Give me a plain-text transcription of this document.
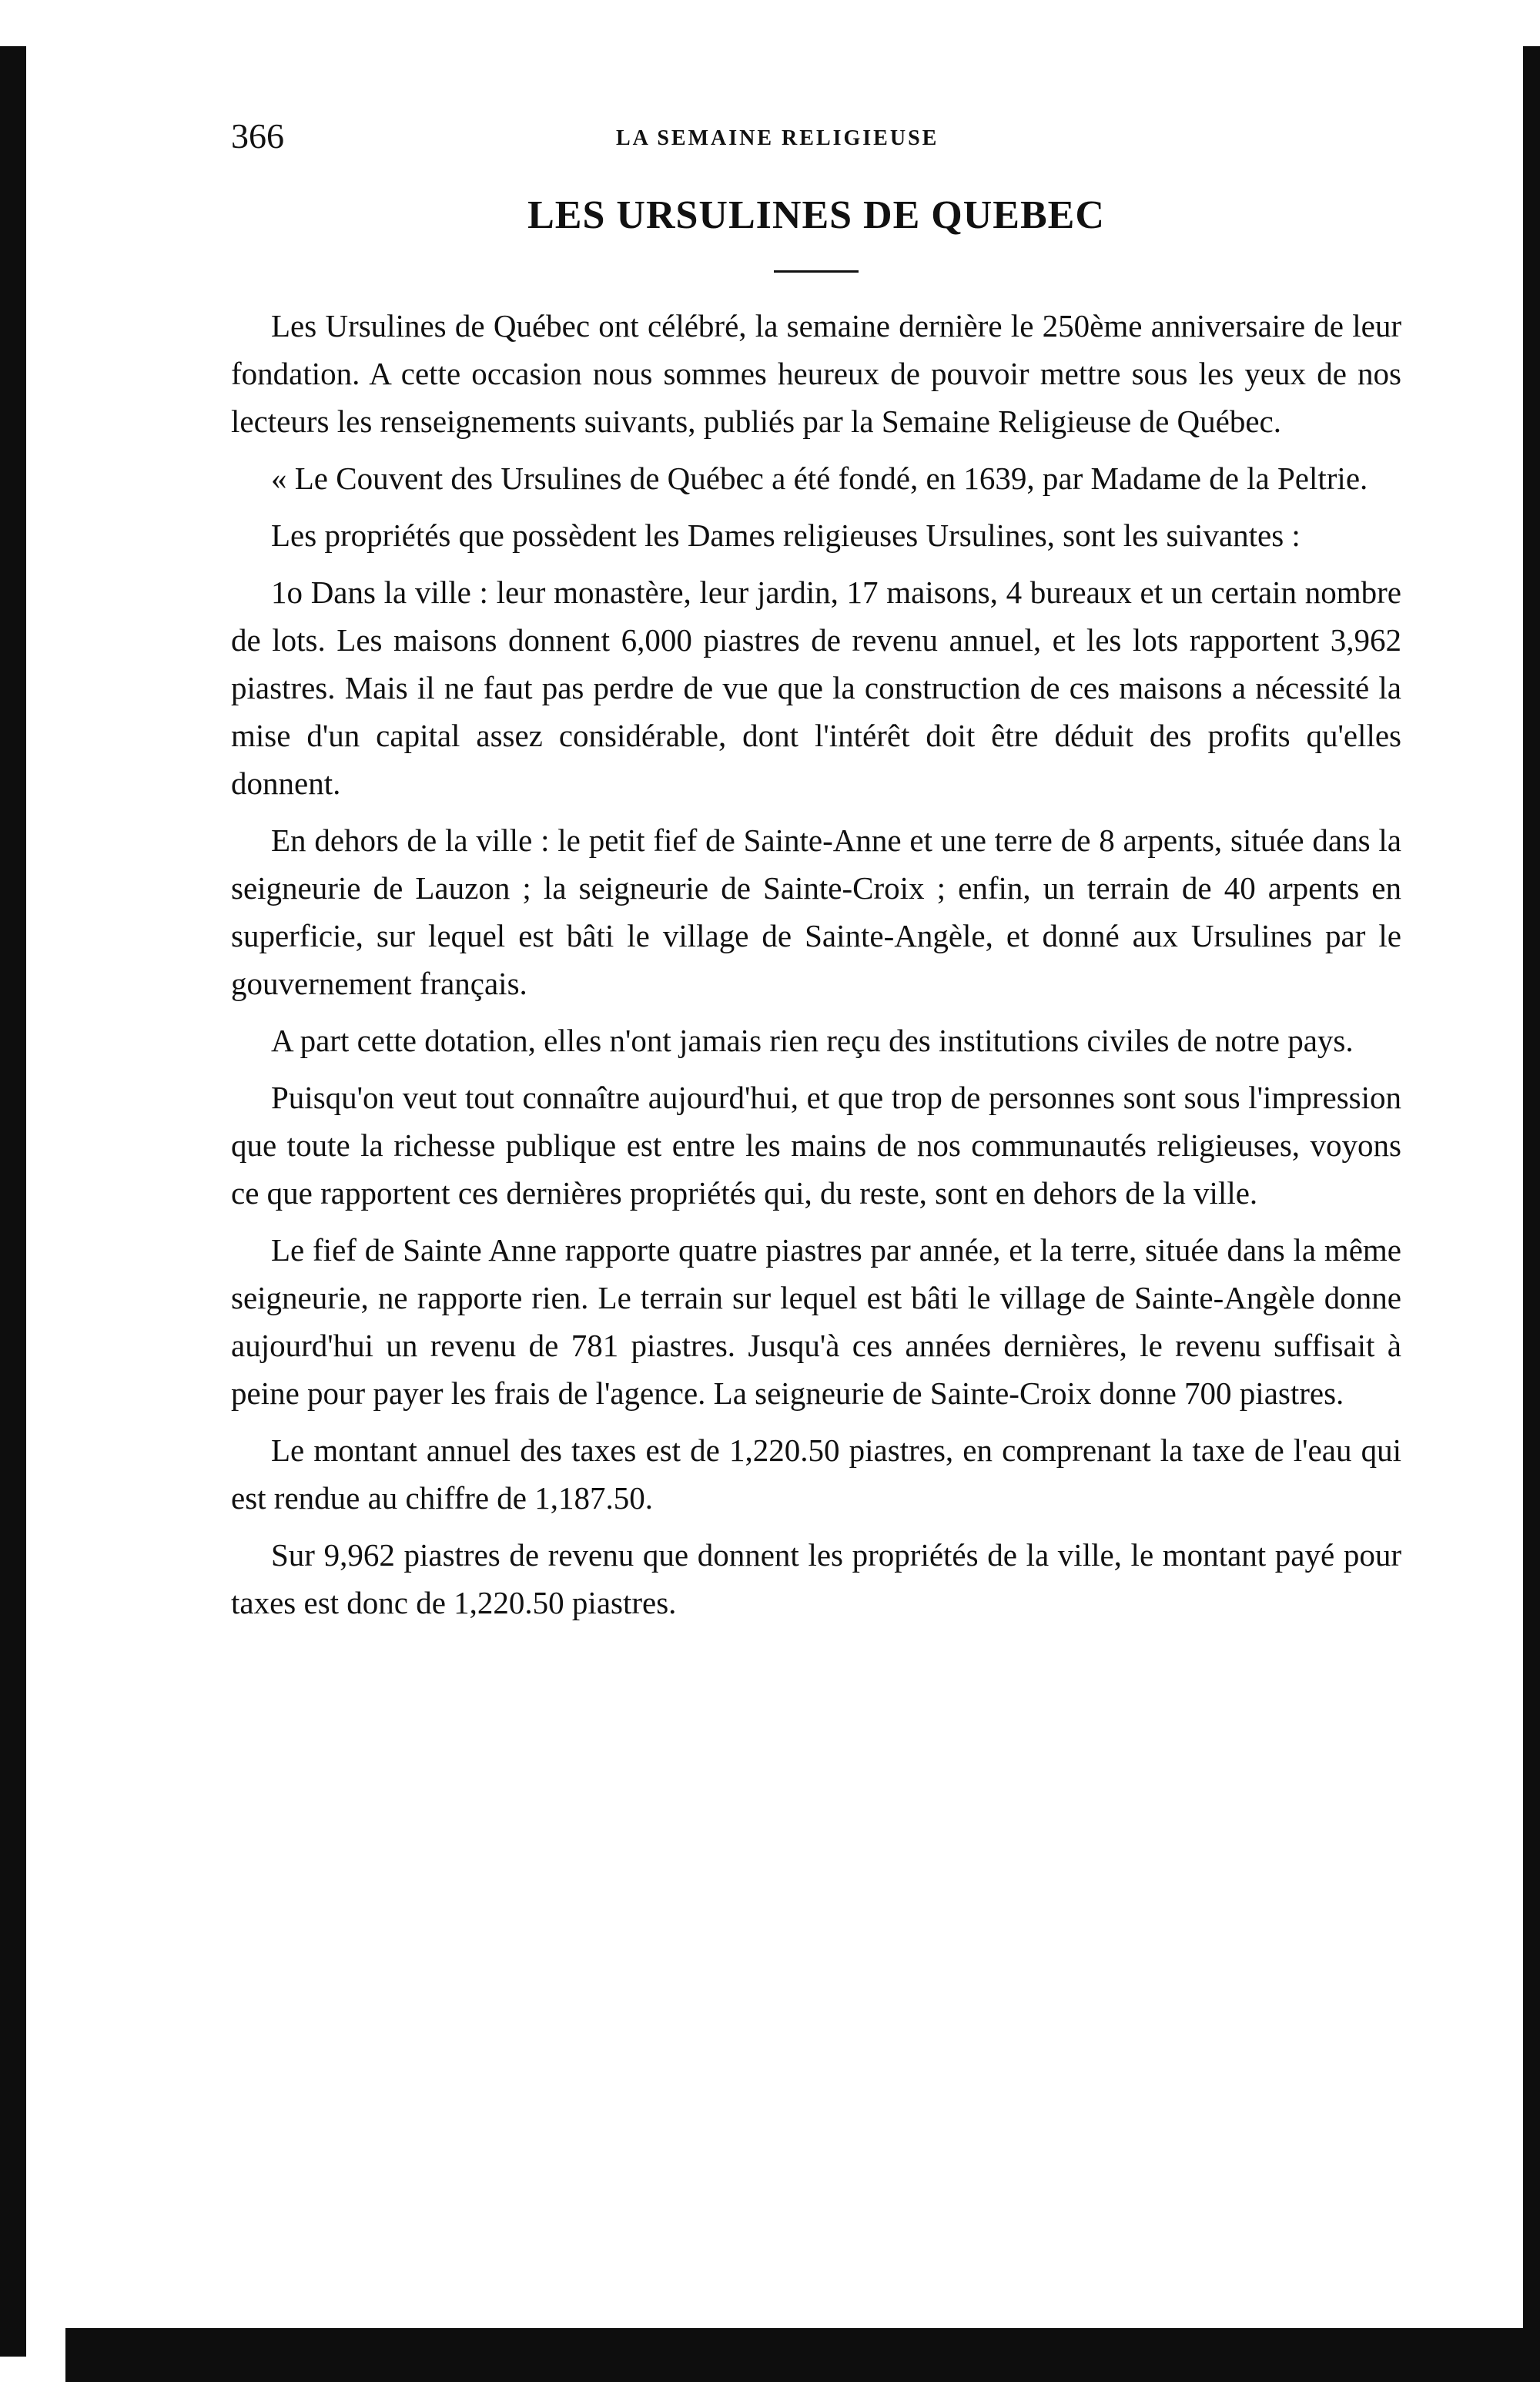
366	LA SEMAINE RELIGIEUSE
LES URSULINES DE QUEBEC

Les Ursulines de Québec ont célébré, la semaine dernière le 250ème anniversaire de leur fondation. A cette occasion nous sommes heureux de pouvoir mettre sous les yeux de nos lecteurs les renseignements suivants, publiés par la Semaine Religieuse de Québec.

« Le Couvent des Ursulines de Québec a été fondé, en 1639, par Madame de la Peltrie.

Les propriétés que possèdent les Dames religieuses Ursulines, sont les suivantes :

1o Dans la ville : leur monastère, leur jardin, 17 maisons, 4 bureaux et un certain nombre de lots. Les maisons donnent 6,000 piastres de revenu annuel, et les lots rapportent 3,962 piastres. Mais il ne faut pas perdre de vue que la construction de ces maisons a nécessité la mise d'un capital assez considérable, dont l'intérêt doit être déduit des profits qu'elles donnent.

En dehors de la ville : le petit fief de Sainte-Anne et une terre de 8 arpents, située dans la seigneurie de Lauzon ; la seigneurie de Sainte-Croix ; enfin, un terrain de 40 arpents en superficie, sur lequel est bâti le village de Sainte-Angèle, et donné aux Ursulines par le gouvernement français.

A part cette dotation, elles n'ont jamais rien reçu des institutions civiles de notre pays.

Puisqu'on veut tout connaître aujourd'hui, et que trop de personnes sont sous l'impression que toute la richesse publique est entre les mains de nos communautés religieuses, voyons ce que rapportent ces dernières propriétés qui, du reste, sont en dehors de la ville.

Le fief de Sainte Anne rapporte quatre piastres par année, et la terre, située dans la même seigneurie, ne rapporte rien. Le terrain sur lequel est bâti le village de Sainte-Angèle donne aujourd'hui un revenu de 781 piastres. Jusqu'à ces années dernières, le revenu suffisait à peine pour payer les frais de l'agence. La seigneurie de Sainte-Croix donne 700 piastres.

Le montant annuel des taxes est de 1,220.50 piastres, en comprenant la taxe de l'eau qui est rendue au chiffre de 1,187.50.

Sur 9,962 piastres de revenu que donnent les propriétés de la ville, le montant payé pour taxes est donc de 1,220.50 piastres.
